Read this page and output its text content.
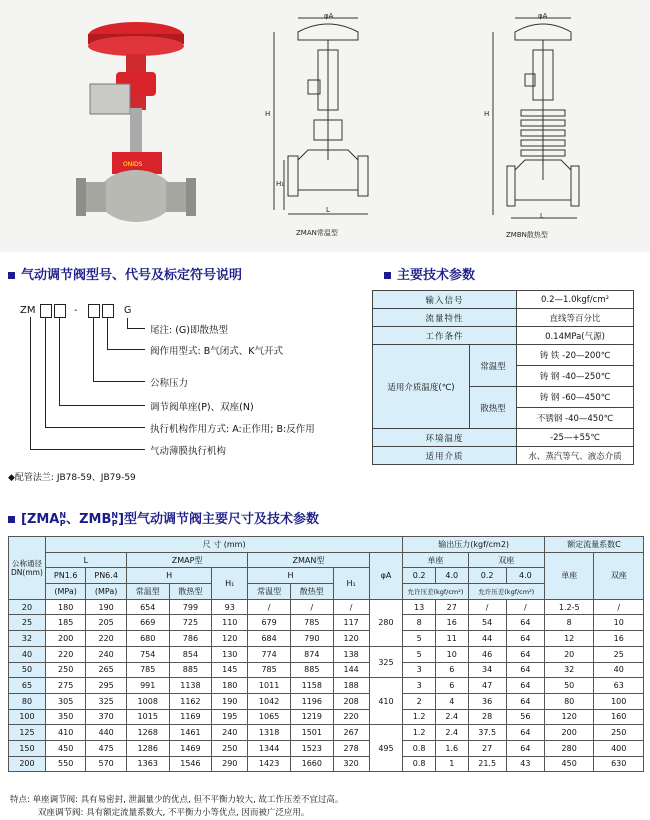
ONIDS
φA
H
H₁
L
ZMAN常温型
φA
H
L
ZMBN散热型
气动调节阀型号、代号及标定符号说明
ZM	-	G
尾注: (G)即散热型
阀作用型式: B气闭式、K气开式
公称压力
调节阀单座(P)、双座(N)
执行机构作用方式: A:正作用; B:反作用
气动薄膜执行机构
◆配管法兰: JB78-59、JB79-59
主要技术参数
输入信号		0.2—1.0kgf/cm²
流量特性		直线等百分比
工作条件		0.14MPa(气源)
适用介质温度(℃)	常温型	铸 铁 -20—200℃
		铸 钢 -40—250℃
	散热型	铸 钢 -60—450℃
		不锈钢 -40—450℃
环境温度		-25—+55℃
适用介质		水、蒸汽等气、液态介质
[ZMAN
P、ZMBN
P]型气动调节阀主要尺寸及技术参数
公称通径DN(mm)	尺 寸 (mm)									输出压力(kgf/cm2)				额定流量系数C	
	L		ZMAP型			ZMAN型			φA	单座		双座		单座	双座
	PN1.6	PN6.4	H		H₁	H		H₁		0.2	4.0	0.2	4.0		
	(MPa)	(MPa)	常温型	散热型		常温型	散热型			允许压差(kgf/cm²)		允许压差(kgf/cm²)			
20	180	190	654	799	93	/	/	/	280	13	27	/	/	1.2-5	/
25	185	205	669	725	110	679	785	117		8	16	54	64	8	10
32	200	220	680	786	120	684	790	120		5	11	44	64	12	16
40	220	240	754	854	130	774	874	138	325	5	10	46	64	20	25
50	250	265	785	885	145	785	885	144		3	6	34	64	32	40
65	275	295	991	1138	180	1011	1158	188	410	3	6	47	64	50	63
80	305	325	1008	1162	190	1042	1196	208		2	4	36	64	80	100
100	350	370	1015	1169	195	1065	1219	220		1.2	2.4	28	56	120	160
125	410	440	1268	1461	240	1318	1501	267	495	1.2	2.4	37.5	64	200	250
150	450	475	1286	1469	250	1344	1523	278		0.8	1.6	27	64	280	400
200	550	570	1363	1546	290	1423	1660	320		0.8	1	21.5	43	450	630
特点: 单座调节阀: 具有易密封, 泄漏量少的优点, 但不平衡力较大, 故工作压差不宜过高。
双座调节阀: 具有额定流量系数大, 不平衡力小等优点, 因而被广泛应用。
